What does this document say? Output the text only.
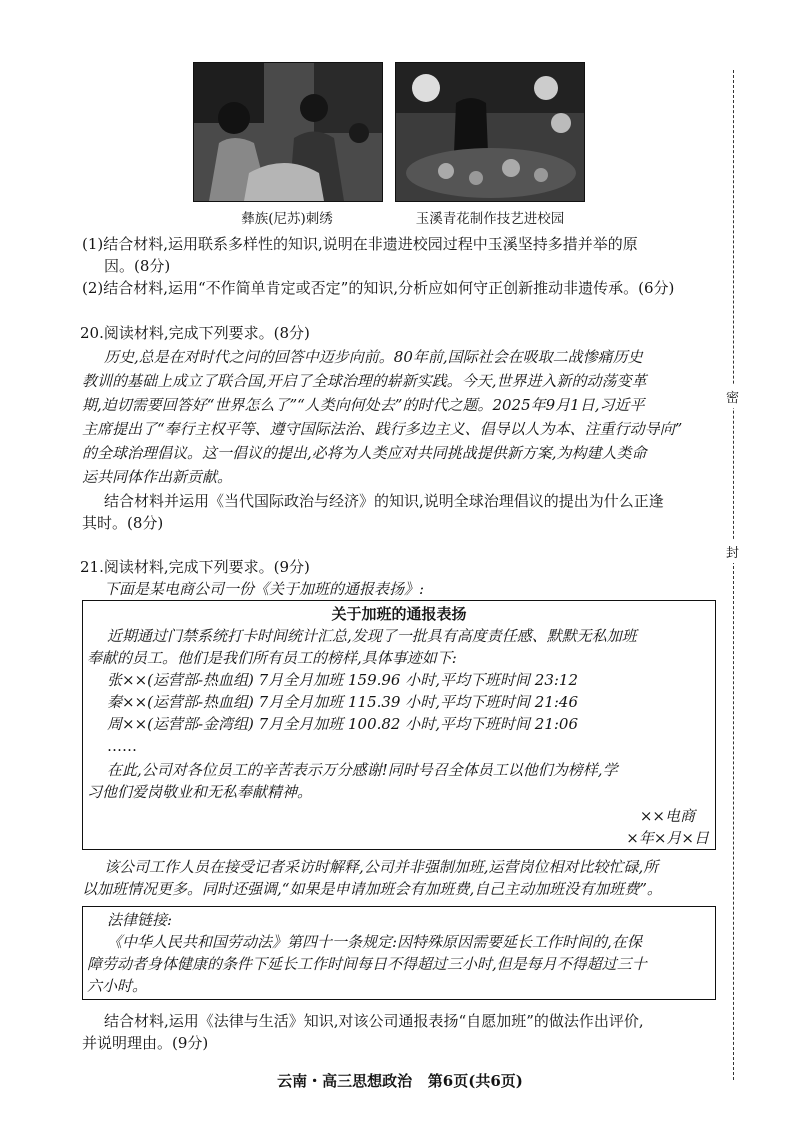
彝族(尼苏)刺绣	玉溪青花制作技艺进校园
(1)结合材料,运用联系多样性的知识,说明在非遗进校园过程中玉溪坚持多措并举的原
因。(8分)
(2)结合材料,运用“不作简单肯定或否定”的知识,分析应如何守正创新推动非遗传承。(6分)
20.阅读材料,完成下列要求。(8分)
历史,总是在对时代之问的回答中迈步向前。80年前,国际社会在吸取二战惨痛历史
教训的基础上成立了联合国,开启了全球治理的崭新实践。今天,世界进入新的动荡变革
期,迫切需要回答好“世界怎么了”“人类向何处去”的时代之题。2025年9月1日,习近平
主席提出了“奉行主权平等、遵守国际法治、践行多边主义、倡导以人为本、注重行动导向”
的全球治理倡议。这一倡议的提出,必将为人类应对共同挑战提供新方案,为构建人类命
运共同体作出新贡献。
结合材料并运用《当代国际政治与经济》的知识,说明全球治理倡议的提出为什么正逢
其时。(8分)
21.阅读材料,完成下列要求。(9分)
下面是某电商公司一份《关于加班的通报表扬》:
关于加班的通报表扬
近期通过门禁系统打卡时间统计汇总,发现了一批具有高度责任感、默默无私加班
奉献的员工。他们是我们所有员工的榜样,具体事迹如下:
张××(运营部-热血组) 7月全月加班 159.96 小时,平均下班时间 23:12
秦××(运营部-热血组) 7月全月加班 115.39 小时,平均下班时间 21:46
周××(运营部-金湾组) 7月全月加班 100.82 小时,平均下班时间 21:06
……
在此,公司对各位员工的辛苦表示万分感谢!同时号召全体员工以他们为榜样,学
习他们爱岗敬业和无私奉献精神。
××电商
×年×月×日
该公司工作人员在接受记者采访时解释,公司并非强制加班,运营岗位相对比较忙碌,所
以加班情况更多。同时还强调,“如果是申请加班会有加班费,自己主动加班没有加班费”。
法律链接:
《中华人民共和国劳动法》第四十一条规定:因特殊原因需要延长工作时间的,在保
障劳动者身体健康的条件下延长工作时间每日不得超过三小时,但是每月不得超过三十
六小时。
结合材料,运用《法律与生活》知识,对该公司通报表扬“自愿加班”的做法作出评价,
并说明理由。(9分)
云南・高三思想政治   第6页(共6页)
密
封
